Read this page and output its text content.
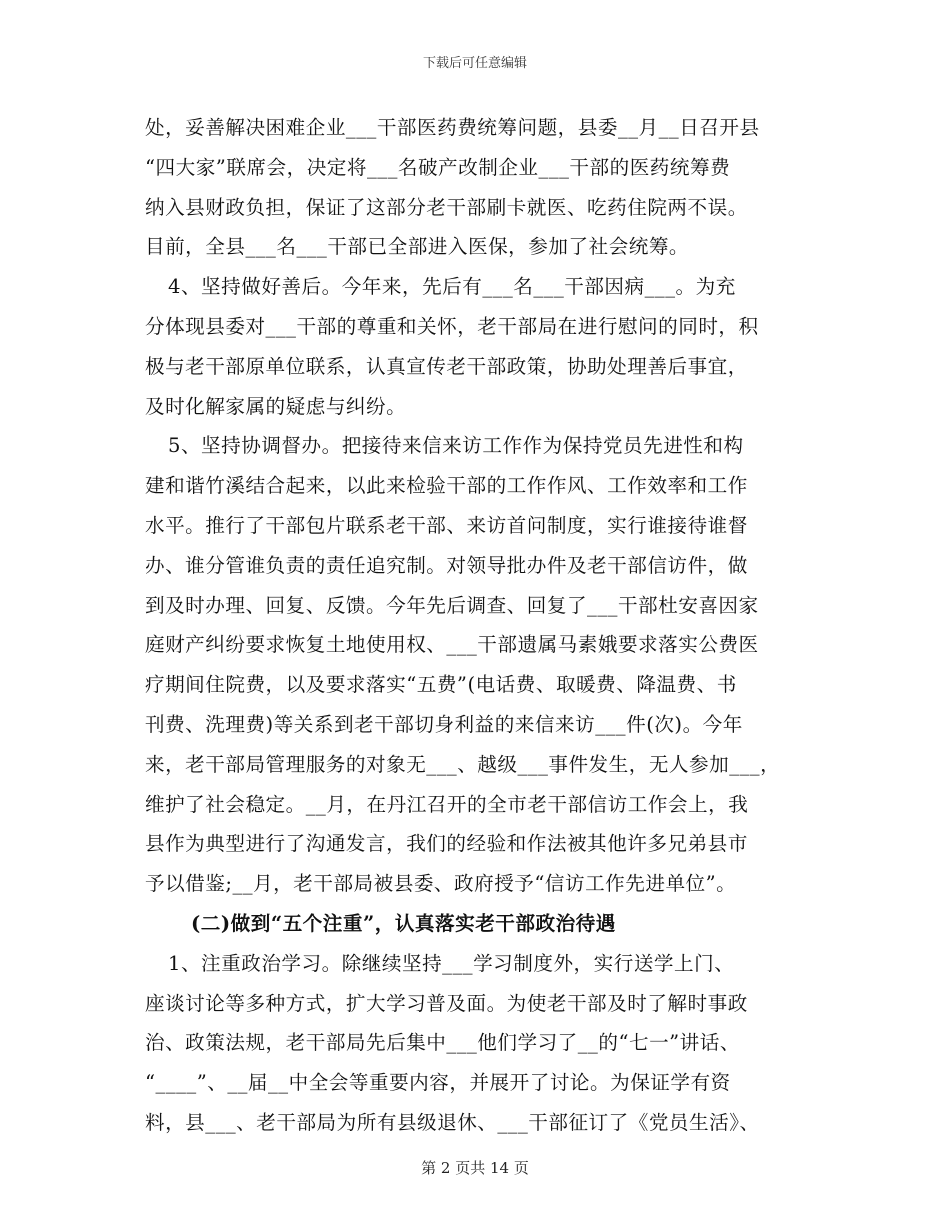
下载后可任意编辑
处，妥善解决困难企业___干部医药费统筹问题，县委__月__日召开县
“四大家”联席会，决定将___名破产改制企业___干部的医药统筹费
纳入县财政负担，保证了这部分老干部刷卡就医、吃药住院两不误。
目前，全县___名___干部已全部进入医保，参加了社会统筹。
4、坚持做好善后。今年来，先后有___名___干部因病___。为充
分体现县委对___干部的尊重和关怀，老干部局在进行慰问的同时，积
极与老干部原单位联系，认真宣传老干部政策，协助处理善后事宜，
及时化解家属的疑虑与纠纷。
5、坚持协调督办。把接待来信来访工作作为保持党员先进性和构
建和谐竹溪结合起来，以此来检验干部的工作作风、工作效率和工作
水平。推行了干部包片联系老干部、来访首问制度，实行谁接待谁督
办、谁分管谁负责的责任追究制。对领导批办件及老干部信访件，做
到及时办理、回复、反馈。今年先后调查、回复了___干部杜安喜因家
庭财产纠纷要求恢复土地使用权、___干部遗属马素娥要求落实公费医
疗期间住院费，以及要求落实“五费”(电话费、取暖费、降温费、书
刊费、洗理费)等关系到老干部切身利益的来信来访___件(次)。今年
来，老干部局管理服务的对象无___、越级___事件发生，无人参加___，
维护了社会稳定。__月，在丹江召开的全市老干部信访工作会上，我
县作为典型进行了沟通发言，我们的经验和作法被其他许多兄弟县市
予以借鉴;__月，老干部局被县委、政府授予“信访工作先进单位”。
(二)做到“五个注重”，认真落实老干部政治待遇
1、注重政治学习。除继续坚持___学习制度外，实行送学上门、
座谈讨论等多种方式，扩大学习普及面。为使老干部及时了解时事政
治、政策法规，老干部局先后集中___他们学习了__的“七一”讲话、
“____”、__届__中全会等重要内容，并展开了讨论。为保证学有资
料，县___、老干部局为所有县级退休、___干部征订了《党员生活》、
第 2 页共 14 页
